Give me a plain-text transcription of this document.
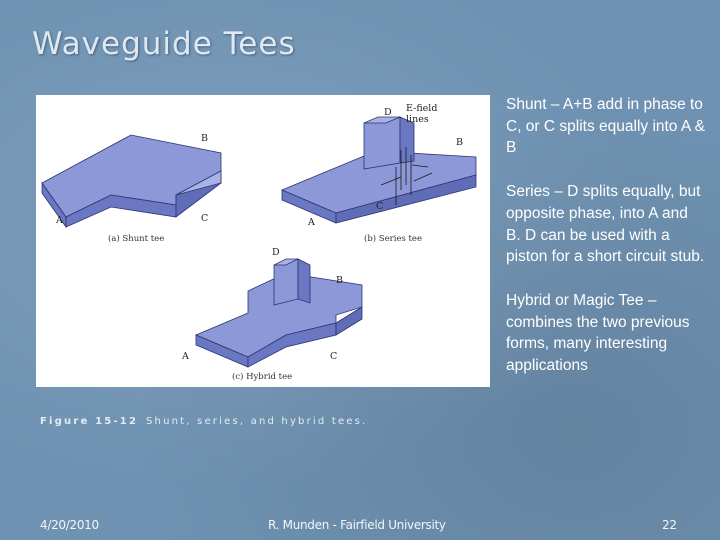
Waveguide Tees
B
A	C
(a) Shunt tee
D E-field
lines
B
A
C
(b) Series tee
D
B
A	C
(c) Hybrid tee
Figure 15-12 Shunt, series, and hybrid tees.
Shunt – A+B add in phase to C, or C splits equally into A & B
Series – D splits equally, but opposite phase, into A and B. D can be used with a piston for a short circuit stub.
Hybrid or Magic Tee – combines the two previous forms, many interesting applications
4/20/2010	R. Munden - Fairfield University	22
